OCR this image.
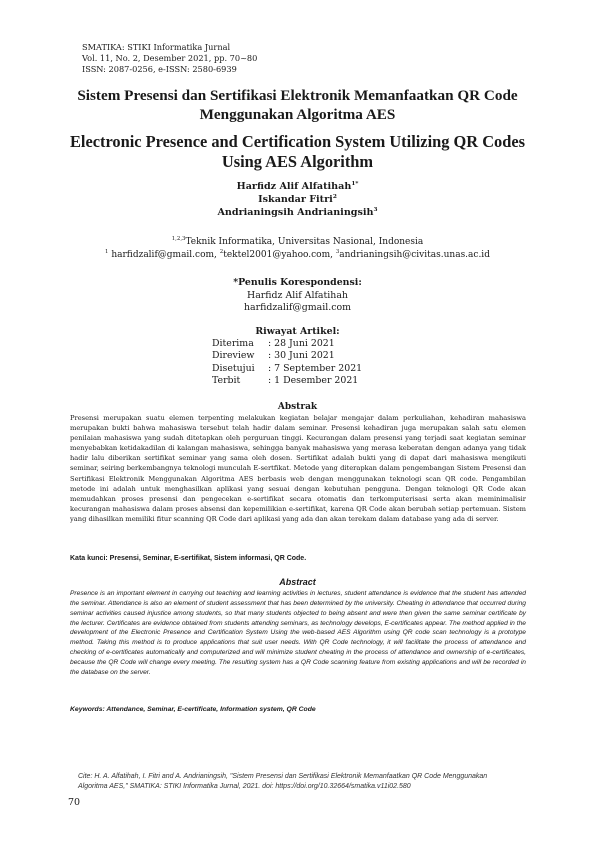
SMATIKA: STIKI Informatika Jurnal
Vol. 11, No. 2, Desember 2021, pp. 70~80
ISSN: 2087-0256, e-ISSN: 2580-6939
Sistem Presensi dan Sertifikasi Elektronik Memanfaatkan QR Code Menggunakan Algoritma AES
Electronic Presence and Certification System Utilizing QR Codes Using AES Algorithm
Harfidz Alif Alfatihah$^{1*}$
Iskandar Fitri$^2$
Andrianingsih Andrianingsih$^3$
$^{1,2,3}$Teknik Informatika, Universitas Nasional, Indonesia
$^1$ harfidzalif@gmail.com, $^2$tektel2001@yahoo.com, $^3$andrianingsih@civitas.unas.ac.id
*Penulis Korespondensi:
Harfidz Alif Alfatihah
harfidzalif@gmail.com
Riwayat Artikel:
Diterima	: 28 Juni 2021
Direview	: 30 Juni 2021
Disetujui	: 7 September 2021
Terbit	: 1 Desember 2021
Abstrak
Presensi merupakan suatu elemen terpenting melakukan kegiatan belajar mengajar dalam perkuliahan, kehadiran mahasiswa merupakan bukti bahwa mahasiswa tersebut telah hadir dalam seminar. Presensi kehadiran juga merupakan salah satu elemen penilaian mahasiswa yang sudah ditetapkan oleh perguruan tinggi. Kecurangan dalam presensi yang terjadi saat kegiatan seminar menyebabkan ketidakadilan di kalangan mahasiswa, sehingga banyak mahasiswa yang merasa keberatan dengan adanya yang tidak hadir lalu diberikan sertifikat seminar yang sama oleh dosen. Sertifikat adalah bukti yang di dapat dari mahasiswa mengikuti seminar, seiring berkembangnya teknologi munculah E-sertfikat. Metode yang diterapkan dalam pengembangan Sistem Presensi dan Sertifikasi Elektronik Menggunakan Algoritma AES berbasis web dengan menggunakan teknologi scan QR code. Pengambilan metode ini adalah untuk menghasilkan aplikasi yang sesuai dengan kebutuhan pengguna. Dengan teknologi QR Code akan memudahkan proses presensi dan pengecekan e-sertifikat secara otomatis dan terkomputerisasi serta akan meminimalisir kecurangan mahasiswa dalam proses absensi dan kepemilikian e-sertifikat, karena QR Code akan berubah setiap pertemuan. Sistem yang dihasilkan memiliki fitur scanning QR Code dari aplikasi yang ada dan akan terekam dalam database yang ada di server.
Kata kunci: Presensi, Seminar, E-sertifikat, Sistem informasi, QR Code.
Abstract
Presence is an important element in carrying out teaching and learning activities in lectures, student attendance is evidence that the student has attended the seminar. Attendance is also an element of student assessment that has been determined by the university. Cheating in attendance that occurred during seminar activities caused injustice among students, so that many students objected to being absent and were then given the same seminar certificate by the lecturer. Certificates are evidence obtained from students attending seminars, as technology develops, E-certificates appear. The method applied in the development of the Electronic Presence and Certification System Using the web-based AES Algorithm using QR code scan technology is a prototype method. Taking this method is to produce applications that suit user needs. With QR Code technology, it will facilitate the process of attendance and checking of e-certificates automatically and computerized and will minimize student cheating in the process of attendance and ownership of e-certificates, because the QR Code will change every meeting. The resulting system has a QR Code scanning feature from existing applications and will be recorded in the database on the server.
Keywords: Attendance, Seminar, E-certificate, Information system, QR Code
Cite: H. A. Alfatihah, I. Fitri and A. Andrianingsih, "Sistem Presensi dan Sertifikasi Elektronik Memanfaatkan QR Code Menggunakan Algoritma AES," SMATIKA: STIKI Informatika Jurnal, 2021. doi: https://doi.org/10.32664/smatika.v11i02.580
70
